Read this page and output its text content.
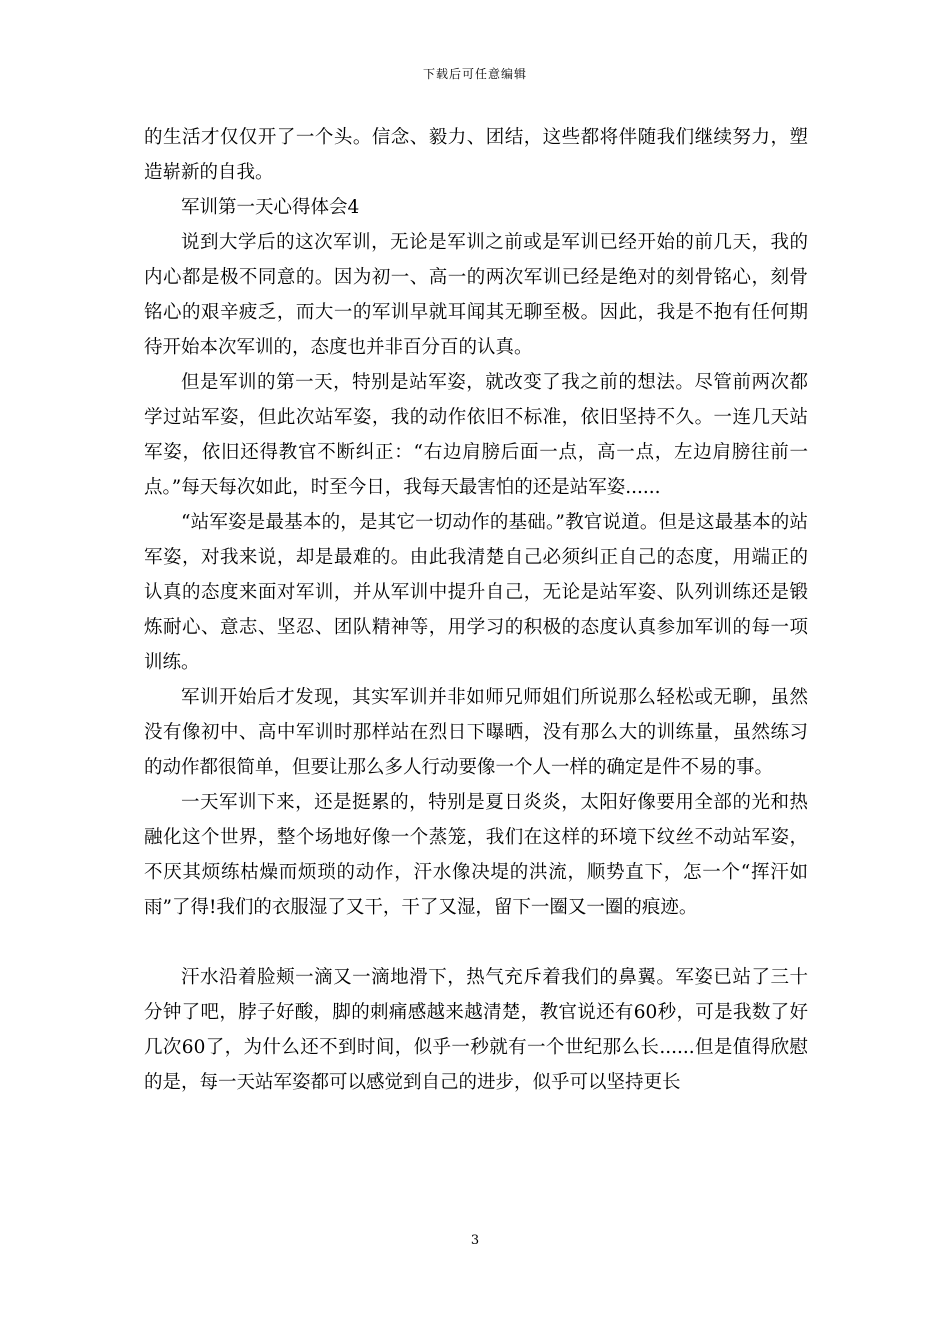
下载后可任意编辑

的生活才仅仅开了一个头。信念、毅力、团结，这些都将伴随我们继续努力，塑造崭新的自我。

军训第一天心得体会4

说到大学后的这次军训，无论是军训之前或是军训已经开始的前几天，我的内心都是极不同意的。因为初一、高一的两次军训已经是绝对的刻骨铭心，刻骨铭心的艰辛疲乏，而大一的军训早就耳闻其无聊至极。因此，我是不抱有任何期待开始本次军训的，态度也并非百分百的认真。

但是军训的第一天，特别是站军姿，就改变了我之前的想法。尽管前两次都学过站军姿，但此次站军姿，我的动作依旧不标准，依旧坚持不久。一连几天站军姿，依旧还得教官不断纠正：“右边肩膀后面一点，高一点，左边肩膀往前一点。”每天每次如此，时至今日，我每天最害怕的还是站军姿......

“站军姿是最基本的，是其它一切动作的基础。”教官说道。但是这最基本的站军姿，对我来说，却是最难的。由此我清楚自己必须纠正自己的态度，用端正的认真的态度来面对军训，并从军训中提升自己，无论是站军姿、队列训练还是锻炼耐心、意志、坚忍、团队精神等，用学习的积极的态度认真参加军训的每一项训练。

军训开始后才发现，其实军训并非如师兄师姐们所说那么轻松或无聊，虽然没有像初中、高中军训时那样站在烈日下曝晒，没有那么大的训练量，虽然练习的动作都很简单，但要让那么多人行动要像一个人一样的确定是件不易的事。

一天军训下来，还是挺累的，特别是夏日炎炎，太阳好像要用全部的光和热融化这个世界，整个场地好像一个蒸笼，我们在这样的环境下纹丝不动站军姿，不厌其烦练枯燥而烦琐的动作，汗水像决堤的洪流，顺势直下，怎一个“挥汗如雨”了得!我们的衣服湿了又干，干了又湿，留下一圈又一圈的痕迹。

汗水沿着脸颊一滴又一滴地滑下，热气充斥着我们的鼻翼。军姿已站了三十分钟了吧，脖子好酸，脚的刺痛感越来越清楚，教官说还有60秒，可是我数了好几次60了，为什么还不到时间，似乎一秒就有一个世纪那么长......但是值得欣慰的是，每一天站军姿都可以感觉到自己的进步，似乎可以坚持更长

3
